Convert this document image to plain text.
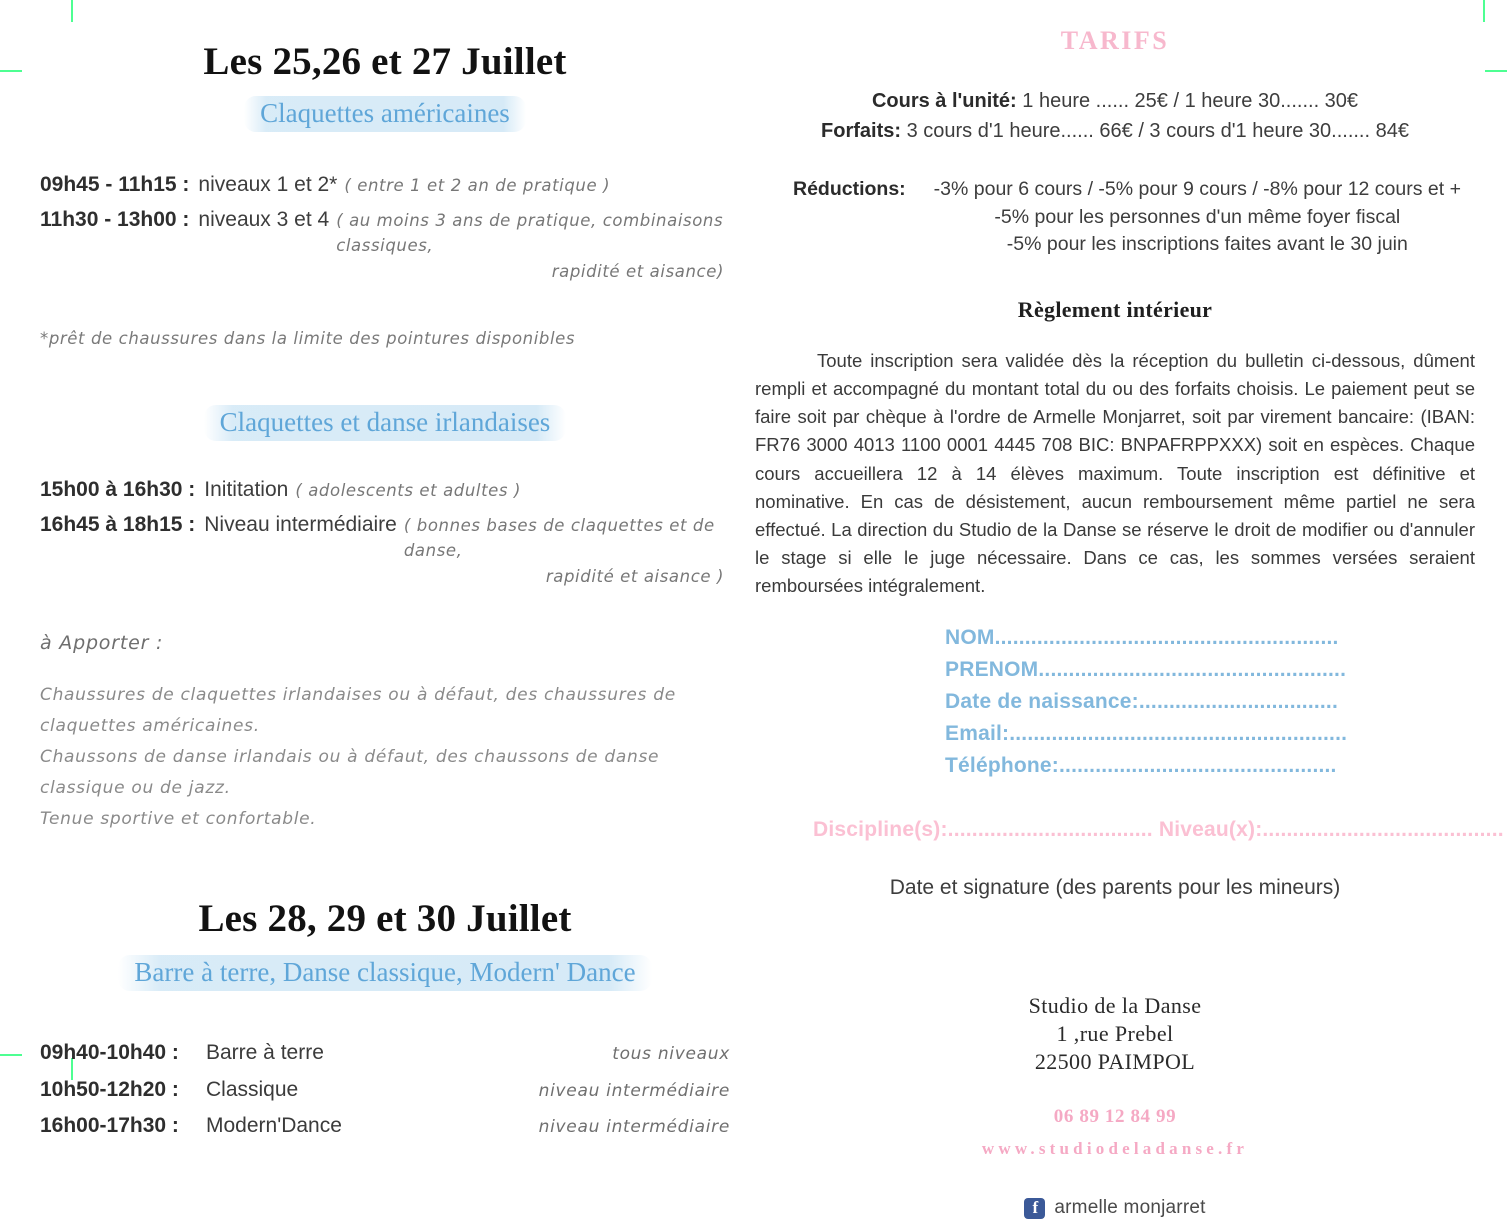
Les 25,26 et 27 Juillet
Claquettes américaines
09h45 - 11h15 : niveaux 1 et 2* ( entre 1 et 2 an de pratique )
11h30 - 13h00 : niveaux 3 et 4 ( au moins 3 ans de pratique, combinaisons classiques,
rapidité et aisance)
*prêt de chaussures dans la limite des pointures disponibles
Claquettes et danse irlandaises
15h00 à 16h30 : Inititation ( adolescents et adultes )
16h45 à 18h15 : Niveau intermédiaire ( bonnes bases de claquettes et de danse,
rapidité et aisance )
à Apporter :
Chaussures de claquettes irlandaises ou à défaut, des chaussures de claquettes américaines.
Chaussons de danse irlandais ou à défaut, des chaussons de danse classique ou de jazz.
Tenue sportive et confortable.
Les 28, 29 et 30 Juillet
Barre à terre, Danse classique, Modern' Dance
09h40-10h40 :	Barre à terre	tous niveaux
10h50-12h20 :	Classique	niveau intermédiaire
16h00-17h30 :	Modern'Dance	niveau intermédiaire
TARIFS
Cours à l'unité: 1 heure ...... 25€ / 1 heure 30....... 30€
Forfaits: 3 cours d'1 heure...... 66€ / 3 cours d'1 heure 30....... 84€
Réductions: -3% pour 6 cours / -5% pour 9 cours / -8% pour 12 cours et +
-5% pour les personnes d'un même foyer fiscal
-5% pour les inscriptions faites avant le 30 juin
Règlement intérieur
Toute inscription sera validée dès la réception du bulletin ci-dessous, dûment rempli et accompagné du montant total du ou des forfaits choisis. Le paiement peut se faire soit par chèque à l'ordre de Armelle Monjarret, soit par virement bancaire: (IBAN: FR76 3000 4013 1100 0001 4445 708 BIC: BNPAFRPPXXX) soit en espèces. Chaque cours accueillera 12 à 14 élèves maximum. Toute inscription est définitive et nominative. En cas de désistement, aucun remboursement même partiel ne sera effectué. La direction du Studio de la Danse se réserve le droit de modifier ou d'annuler le stage si elle le juge nécessaire. Dans ce cas, les sommes versées seraient remboursées intégralement.
NOM.........................................................
PRENOM...................................................
Date de naissance:.................................
Email:........................................................
Téléphone:..............................................
Discipline(s):.................................. Niveau(x):........................................
Date et signature (des parents pour les mineurs)
Studio de la Danse
1 ,rue Prebel
22500 PAIMPOL
06 89 12 84 99
www.studiodeladanse.fr
f
armelle monjarret
